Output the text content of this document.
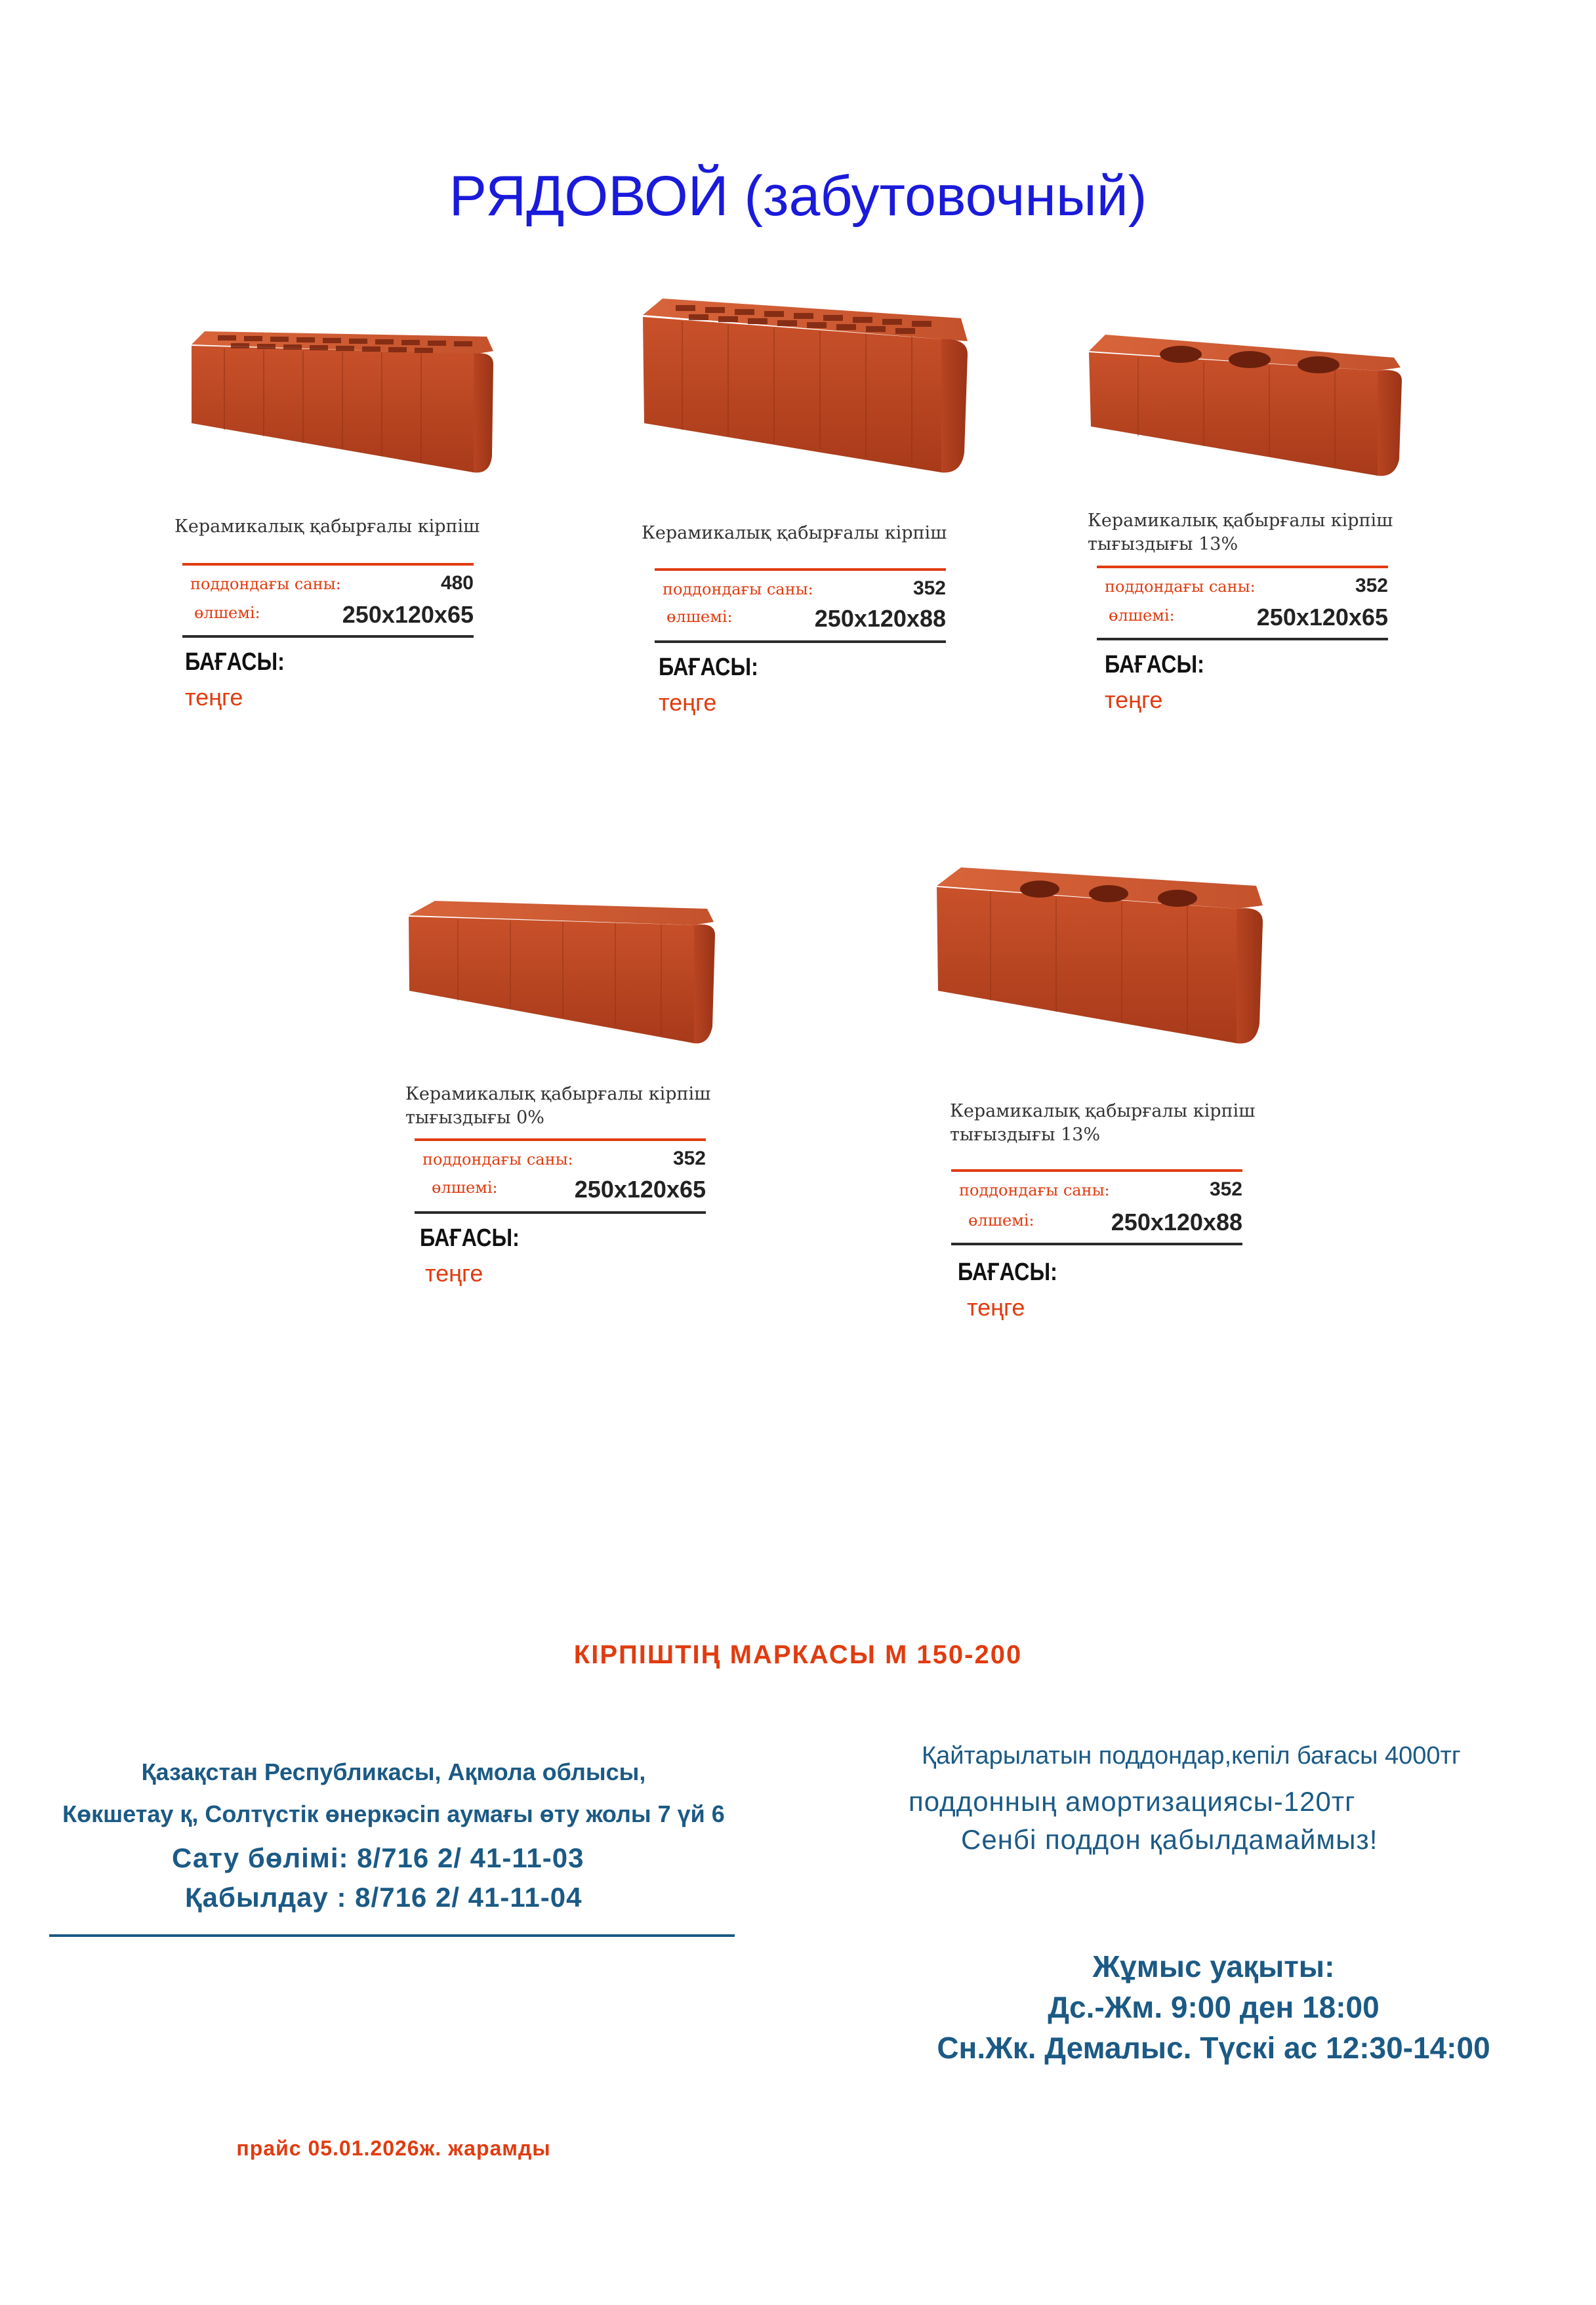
РЯДОВОЙ (забутовочный)
Керамикалық қабырғалы кірпіш
поддондағы саны:	480
өлшемі:	250x120x65
БАҒАСЫ:
теңге
Керамикалық қабырғалы кірпіш
поддондағы саны:	352
өлшемі:	250x120x88
БАҒАСЫ:
теңге
Керамикалық қабырғалы кірпіш
тығыздығы 13%
поддондағы саны:	352
өлшемі:	250x120x65
БАҒАСЫ:
теңге
Керамикалық қабырғалы кірпіш
тығыздығы 0%
поддондағы саны:	352
өлшемі:	250x120x65
БАҒАСЫ:
теңге
Керамикалық қабырғалы кірпіш
тығыздығы 13%
поддондағы саны:	352
өлшемі:	250x120x88
БАҒАСЫ:
теңге
КІРПІШТІҢ МАРКАСЫ М 150-200
Қазақстан Республикасы, Ақмола облысы,
Көкшетау қ, Солтүстік өнеркәсіп аумағы өту жолы 7 үй 6
Сату бөлімі: 8/716 2/ 41-11-03
Қабылдау : 8/716 2/ 41-11-04
Қайтарылатын поддондар,кепіл бағасы 4000тг
поддонның амортизациясы-120тг
Сенбі поддон қабылдамаймыз!
Жұмыс уақыты:
Дс.-Жм. 9:00 ден 18:00
Сн.Жк. Демалыс. Түскі ас 12:30-14:00
прайс 05.01.2026ж. жарамды
